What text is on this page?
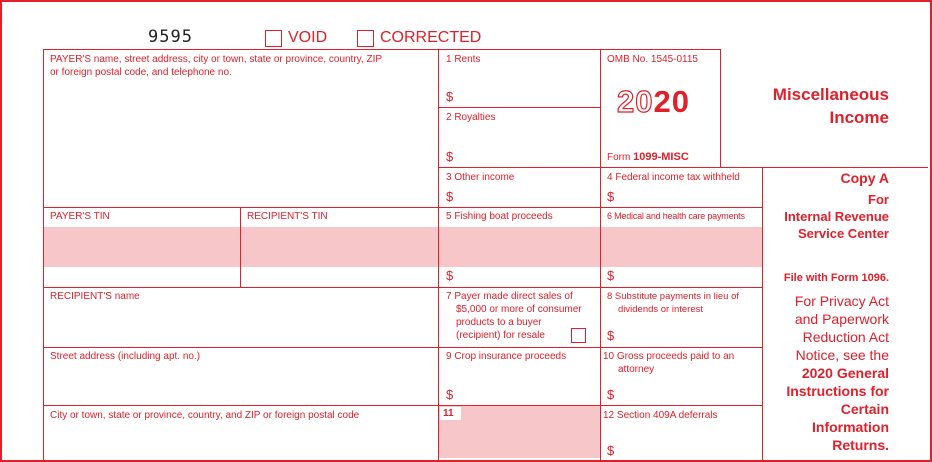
9595	VOID	CORRECTED
PAYER'S name, street address, city or town, state or province, country, ZIP
or foreign postal code, and telephone no.
PAYER'S TIN	RECIPIENT'S TIN
RECIPIENT'S name
Street address (including apt. no.)
City or town, state or province, country, and ZIP or foreign postal code
1 Rents
$
2 Royalties
$
3 Other income
$
4 Federal income tax withheld
$
5 Fishing boat proceeds
$
6 Medical and health care payments
$
7 Payer made direct sales of
$5,000 or more of consumer
products to a buyer
(recipient) for resale
8 Substitute payments in lieu of
dividends or interest
$
9 Crop insurance proceeds
$
10 Gross proceeds paid to an
attorney
$
11	12 Section 409A deferrals
$
OMB No. 1545-0115
2020
Form 1099-MISC
Miscellaneous
Income
Copy A
For
Internal Revenue
Service Center
File with Form 1096.
For Privacy Act
and Paperwork
Reduction Act
Notice, see the
2020 General
Instructions for
Certain
Information
Returns.
